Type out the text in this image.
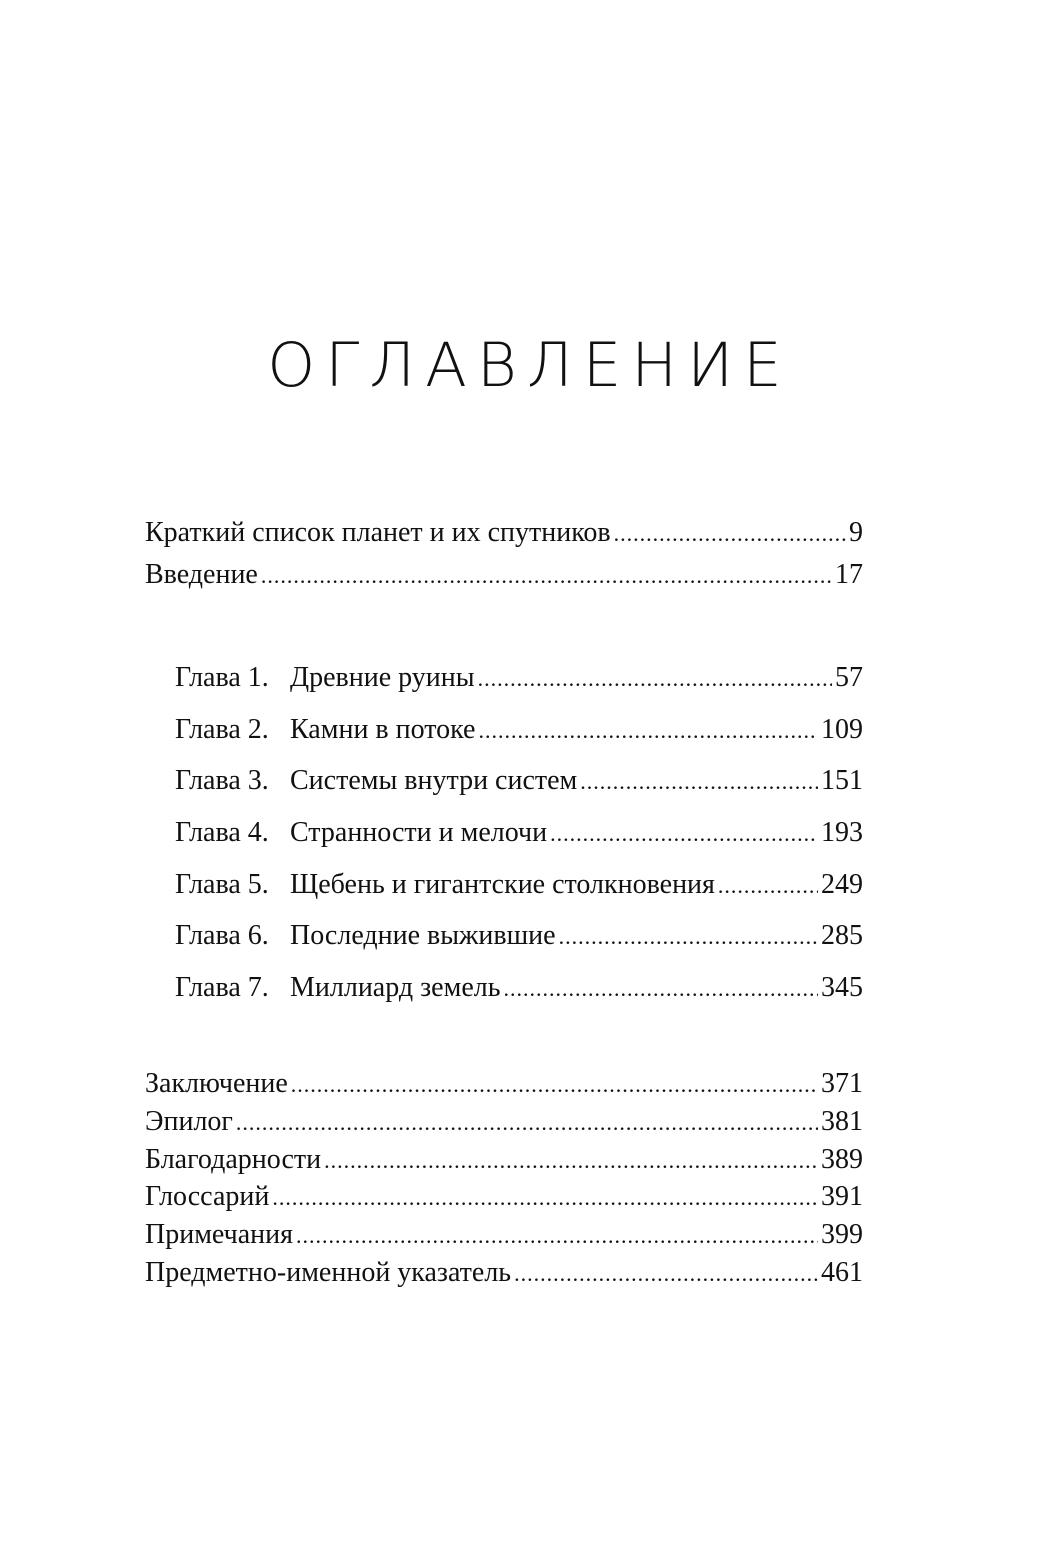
ОГЛАВЛЕНИЕ
Краткий список планет и их спутников .....	9
Введение .....	17
Глава 1. Древние руины .....	57
Глава 2. Камни в потоке .....	109
Глава 3. Системы внутри систем .....	151
Глава 4. Странности и мелочи .....	193
Глава 5. Щебень и гигантские столкновения .....	249
Глава 6. Последние выжившие .....	285
Глава 7. Миллиард земель .....	345
Заключение .....	371
Эпилог .....	381
Благодарности .....	389
Глоссарий .....	391
Примечания .....	399
Предметно-именной указатель .....	461
